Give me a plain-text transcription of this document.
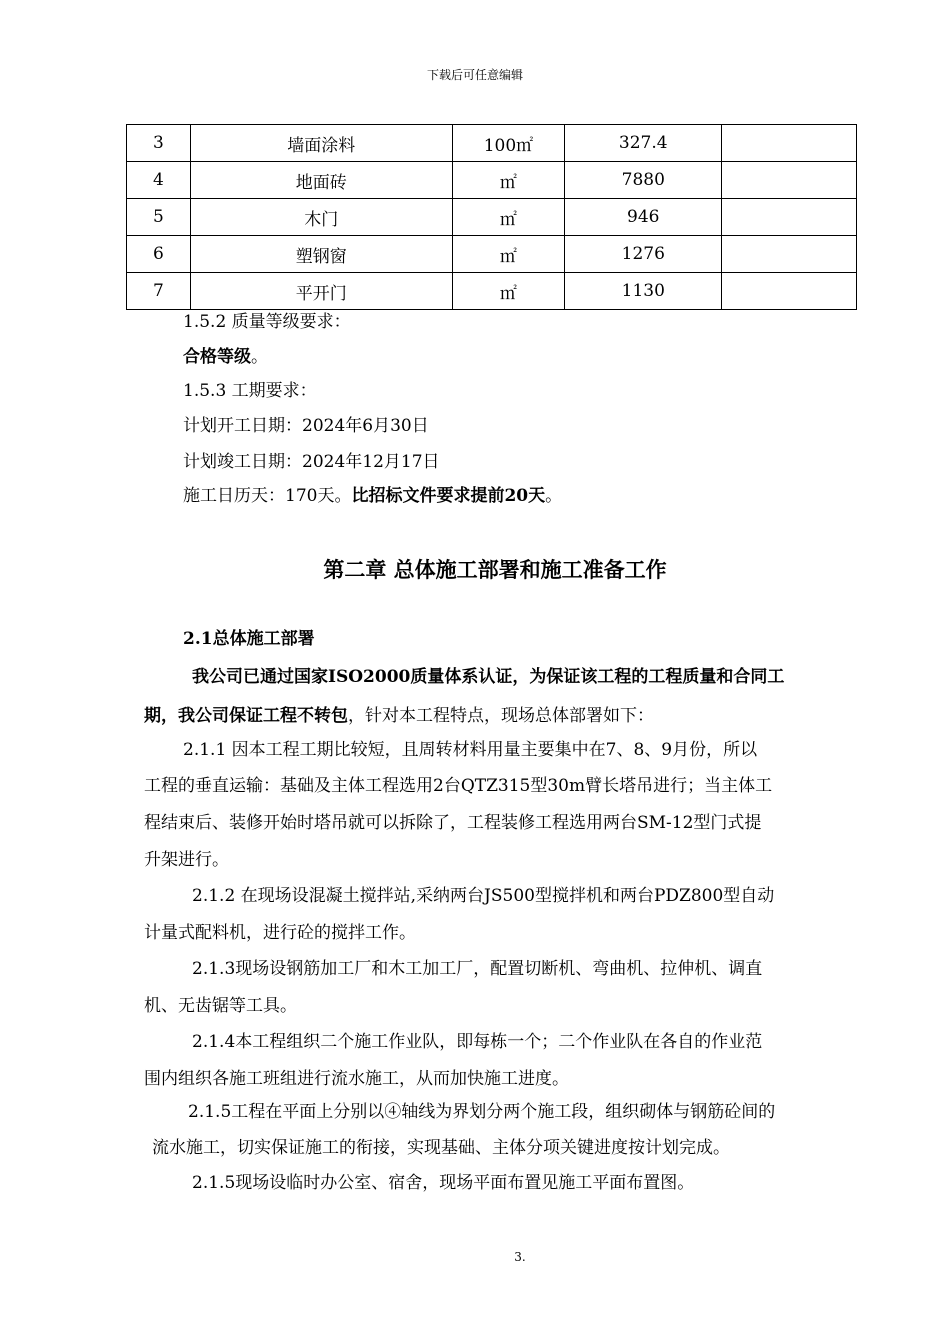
下载后可任意编辑
3	墙面涂料	100㎡	327.4	
4	地面砖	㎡	7880	
5	木门	㎡	946	
6	塑钢窗	㎡	1276	
7	平开门	㎡	1130	
1.5.2 质量等级要求：
合格等级。
1.5.3 工期要求：
计划开工日期：2024年6月30日
计划竣工日期：2024年12月17日
施工日历天：170天。比招标文件要求提前20天。
第二章 总体施工部署和施工准备工作
2.1总体施工部署
我公司已通过国家ISO2000质量体系认证，为保证该工程的工程质量和合同工
期，我公司保证工程不转包，针对本工程特点，现场总体部署如下：
2.1.1 因本工程工期比较短，且周转材料用量主要集中在7、8、9月份，所以
工程的垂直运输：基础及主体工程选用2台QTZ315型30m臂长塔吊进行；当主体工
程结束后、装修开始时塔吊就可以拆除了，工程装修工程选用两台SM-12型门式提
升架进行。
2.1.2 在现场设混凝土搅拌站,采纳两台JS500型搅拌机和两台PDZ800型自动
计量式配料机，进行砼的搅拌工作。
2.1.3现场设钢筋加工厂和木工加工厂，配置切断机、弯曲机、拉伸机、调直
机、无齿锯等工具。
2.1.4本工程组织二个施工作业队，即每栋一个；二个作业队在各自的作业范
围内组织各施工班组进行流水施工，从而加快施工进度。
2.1.5工程在平面上分别以④轴线为界划分两个施工段，组织砌体与钢筋砼间的
流水施工，切实保证施工的衔接，实现基础、主体分项关键进度按计划完成。
2.1.5现场设临时办公室、宿舍，现场平面布置见施工平面布置图。
3.
